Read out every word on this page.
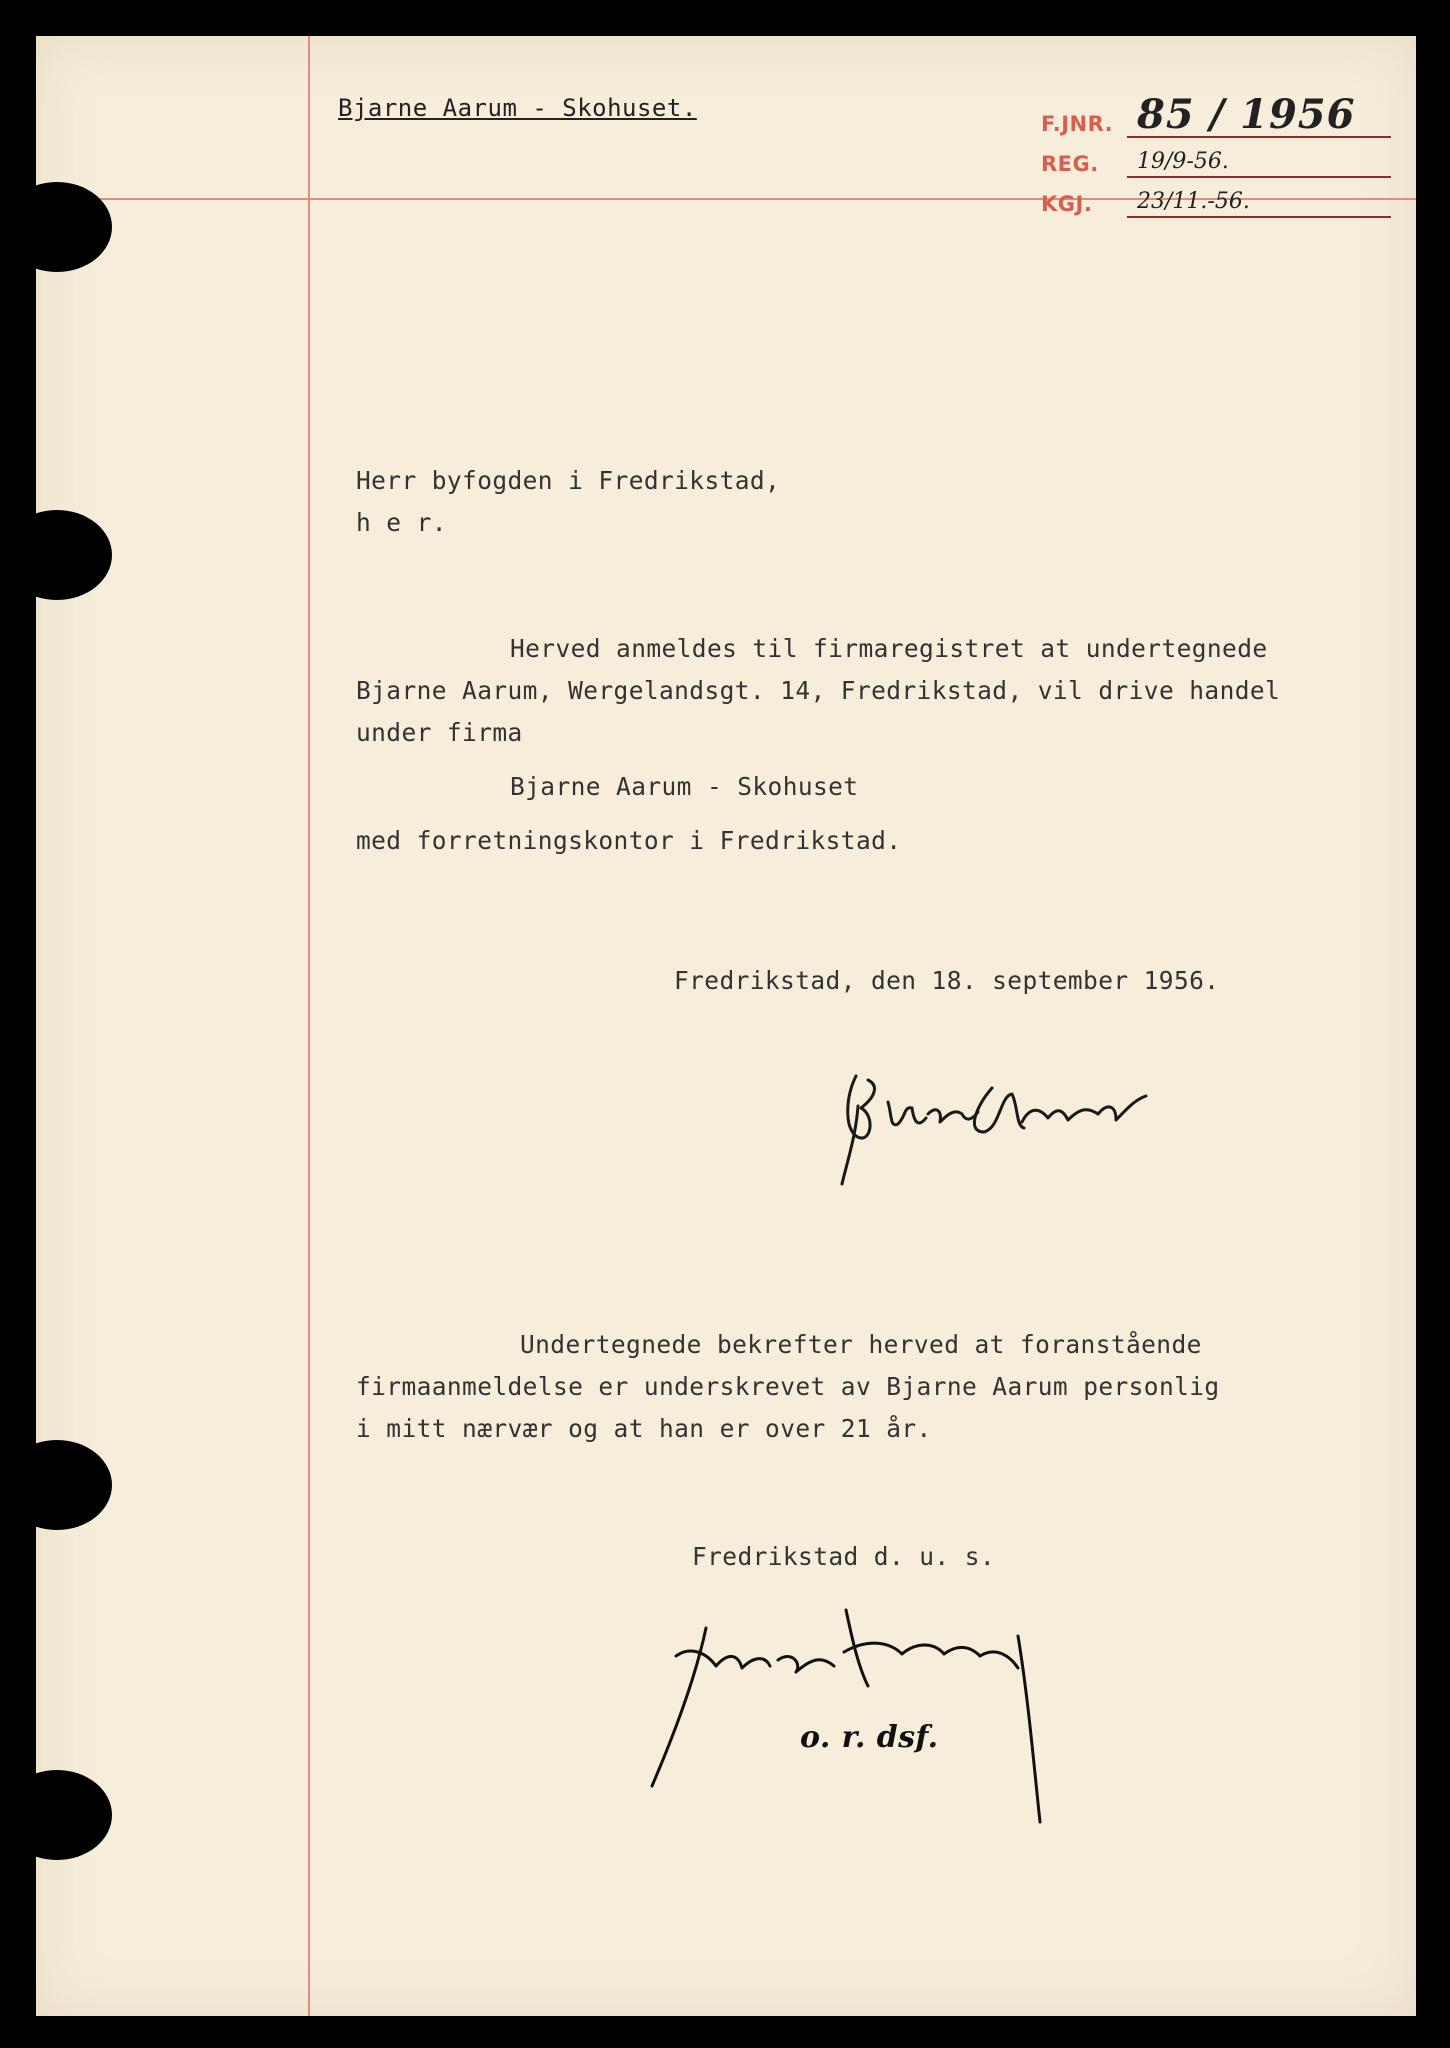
Bjarne Aarum - Skohuset.
F.JNR. 85 / 1956
REG. 19/9-56.
KGJ. 23/11.-56.
Herr byfogden i Fredrikstad,
h e r.
Herved anmeldes til firmaregistret at undertegnede
Bjarne Aarum, Wergelandsgt. 14, Fredrikstad, vil drive handel
under firma
Bjarne Aarum - Skohuset
med forretningskontor i Fredrikstad.
Fredrikstad, den 18. september 1956.
Undertegnede bekrefter herved at foranstående
firmaanmeldelse er underskrevet av Bjarne Aarum personlig
i mitt nærvær og at han er over 21 år.
Fredrikstad d. u. s.
o. r. dsf.
